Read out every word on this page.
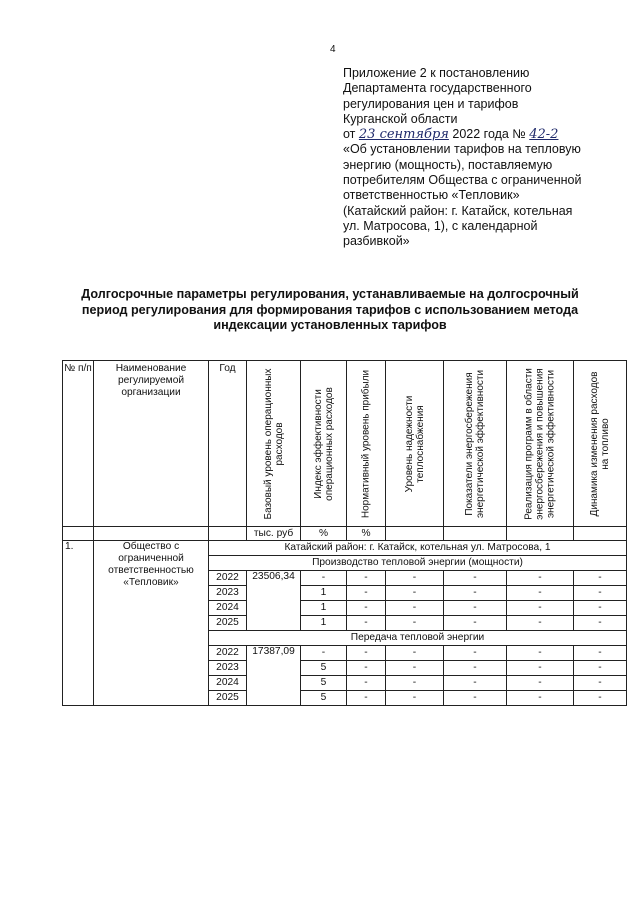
4
Приложение 2 к постановлению
Департамента государственного
регулирования цен и тарифов
Курганской области
от 23 сентября 2022 года № 42-2
«Об установлении тарифов на тепловую
энергию (мощность), поставляемую
потребителям Общества с ограниченной
ответственностью «Тепловик»
(Катайский район: г. Катайск, котельная
ул. Матросова, 1), с календарной
разбивкой»
Долгосрочные параметры регулирования, устанавливаемые на долгосрочный
период регулирования для формирования тарифов с использованием метода
индексации установленных тарифов
№ п/п	Наименование регулируемой организации	Год	Базовый уровень операционных расходов	Индекс эффективности операционных расходов	Нормативный уровень прибыли	Уровень надежности теплоснабжения	Показатели энергосбережения энергетической эффективности	Реализация программ в области энергосбережения и повышения энергетической эффективности	Динамика изменения расходов на топливо

			тыс. руб	%	%				
1.	Общество с ограниченной ответственностью «Тепловик»	Катайский район: г. Катайск, котельная ул. Матросова, 1							
		Производство тепловой энергии (мощности)							
		2022	23506,34	-	-	-	-	-	-
		2023		1	-	-	-	-	-
		2024		1	-	-	-	-	-
		2025		1	-	-	-	-	-
		Передача тепловой энергии							
		2022	17387,09	-	-	-	-	-	-
		2023		5	-	-	-	-	-
		2024		5	-	-	-	-	-
		2025		5	-	-	-	-	-
